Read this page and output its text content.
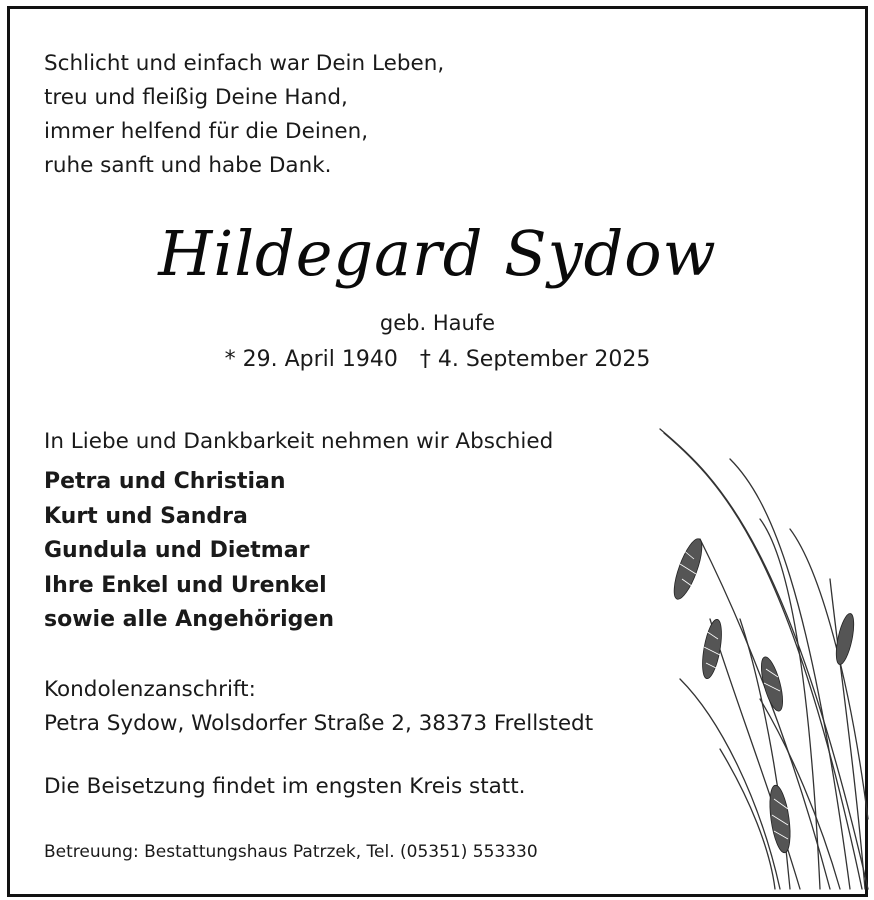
Schlicht und einfach war Dein Leben,
treu und fleißig Deine Hand,
immer helfend für die Deinen,
ruhe sanft und habe Dank.
Hildegard Sydow
geb. Haufe
* 29. April 1940 † 4. September 2025
In Liebe und Dankbarkeit nehmen wir Abschied
Petra und Christian
Kurt und Sandra
Gundula und Dietmar
Ihre Enkel und Urenkel
sowie alle Angehörigen
Kondolenzanschrift:
Petra Sydow, Wolsdorfer Straße 2, 38373 Frellstedt
Die Beisetzung findet im engsten Kreis statt.
Betreuung: Bestattungshaus Patrzek, Tel. (05351) 553330
